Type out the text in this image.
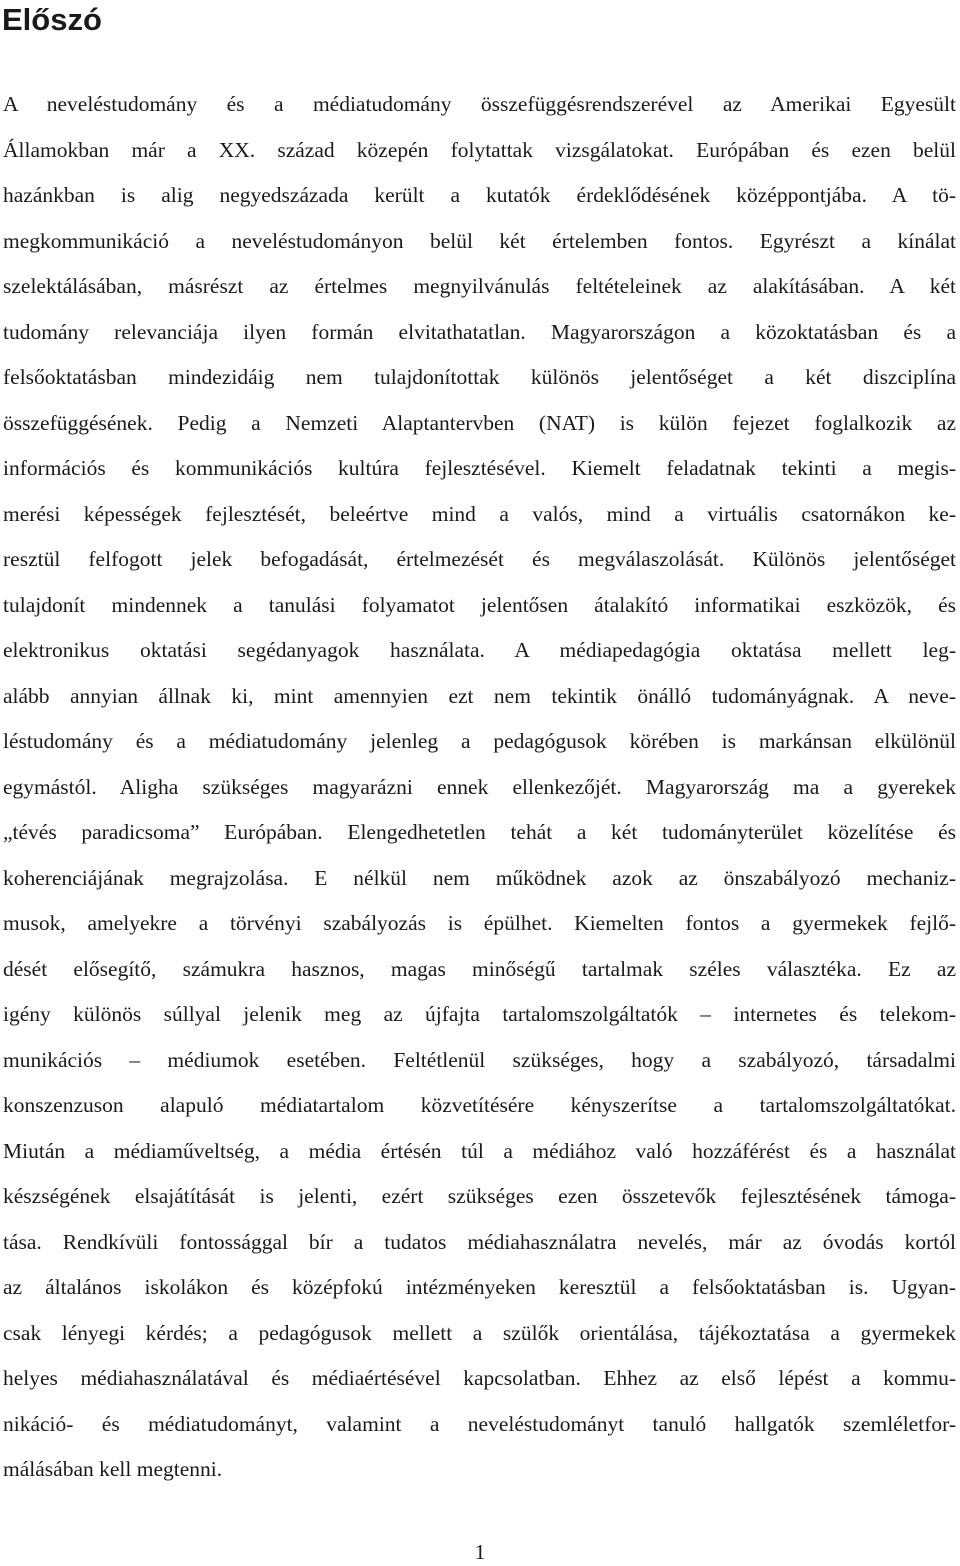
Előszó
A neveléstudomány és a médiatudomány összefüggésrendszerével az Amerikai Egyesült
Államokban már a XX. század közepén folytattak vizsgálatokat. Európában és ezen belül
hazánkban is alig negyedszázada került a kutatók érdeklődésének középpontjába. A tö-
megkommunikáció a neveléstudományon belül két értelemben fontos. Egyrészt a kínálat
szelektálásában, másrészt az értelmes megnyilvánulás feltételeinek az alakításában. A két
tudomány relevanciája ilyen formán elvitathatatlan. Magyarországon a közoktatásban és a
felsőoktatásban mindezidáig nem tulajdonítottak különös jelentőséget a két diszciplína
összefüggésének. Pedig a Nemzeti Alaptantervben (NAT) is külön fejezet foglalkozik az
információs és kommunikációs kultúra fejlesztésével. Kiemelt feladatnak tekinti a megis-
merési képességek fejlesztését, beleértve mind a valós, mind a virtuális csatornákon ke-
resztül felfogott jelek befogadását, értelmezését és megválaszolását. Különös jelentőséget
tulajdonít mindennek a tanulási folyamatot jelentősen átalakító informatikai eszközök, és
elektronikus oktatási segédanyagok használata. A médiapedagógia oktatása mellett leg-
alább annyian állnak ki, mint amennyien ezt nem tekintik önálló tudományágnak. A neve-
léstudomány és a médiatudomány jelenleg a pedagógusok körében is markánsan elkülönül
egymástól. Aligha szükséges magyarázni ennek ellenkezőjét. Magyarország ma a gyerekek
„tévés paradicsoma” Európában. Elengedhetetlen tehát a két tudományterület közelítése és
koherenciájának megrajzolása. E nélkül nem működnek azok az önszabályozó mechaniz-
musok, amelyekre a törvényi szabályozás is épülhet. Kiemelten fontos a gyermekek fejlő-
dését elősegítő, számukra hasznos, magas minőségű tartalmak széles választéka. Ez az
igény különös súllyal jelenik meg az újfajta tartalomszolgáltatók – internetes és telekom-
munikációs – médiumok esetében. Feltétlenül szükséges, hogy a szabályozó, társadalmi
konszenzuson alapuló médiatartalom közvetítésére kényszerítse a tartalomszolgáltatókat.
Miután a médiaműveltség, a média értésén túl a médiához való hozzáférést és a használat
készségének elsajátítását is jelenti, ezért szükséges ezen összetevők fejlesztésének támoga-
tása. Rendkívüli fontossággal bír a tudatos médiahasználatra nevelés, már az óvodás kortól
az általános iskolákon és középfokú intézményeken keresztül a felsőoktatásban is. Ugyan-
csak lényegi kérdés; a pedagógusok mellett a szülők orientálása, tájékoztatása a gyermekek
helyes médiahasználatával és médiaértésével kapcsolatban. Ehhez az első lépést a kommu-
nikáció- és médiatudományt, valamint a neveléstudományt tanuló hallgatók szemléletfor-
málásában kell megtenni.
1
